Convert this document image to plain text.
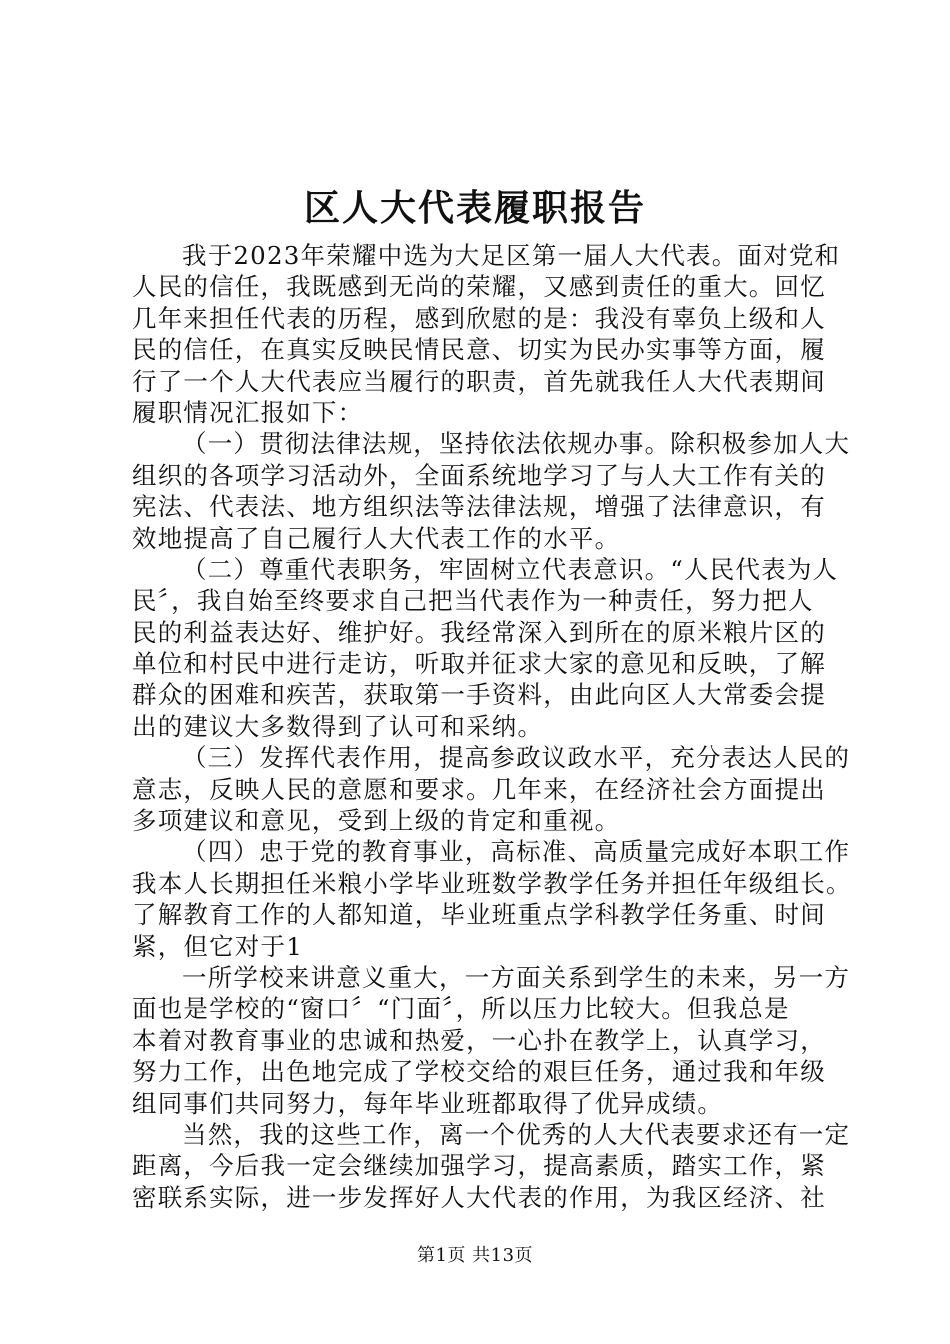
区人大代表履职报告
我于2023年荣耀中选为大足区第一届人大代表。面对党和
人民的信任，我既感到无尚的荣耀，又感到责任的重大。回忆
几年来担任代表的历程，感到欣慰的是：我没有辜负上级和人
民的信任，在真实反映民情民意、切实为民办实事等方面，履
行了一个人大代表应当履行的职责，首先就我任人大代表期间
履职情况汇报如下：
（一）贯彻法律法规，坚持依法依规办事。除积极参加人大
组织的各项学习活动外，全面系统地学习了与人大工作有关的
宪法、代表法、地方组织法等法律法规，增强了法律意识，有
效地提高了自己履行人大代表工作的水平。
（二）尊重代表职务，牢固树立代表意识。“人民代表为人
民〞，我自始至终要求自己把当代表作为一种责任，努力把人
民的利益表达好、维护好。我经常深入到所在的原米粮片区的
单位和村民中进行走访，听取并征求大家的意见和反映，了解
群众的困难和疾苦，获取第一手资料，由此向区人大常委会提
出的建议大多数得到了认可和采纳。
（三）发挥代表作用，提高参政议政水平，充分表达人民的
意志，反映人民的意愿和要求。几年来，在经济社会方面提出
多项建议和意见，受到上级的肯定和重视。
（四）忠于党的教育事业，高标准、高质量完成好本职工作
我本人长期担任米粮小学毕业班数学教学任务并担任年级组长。
了解教育工作的人都知道，毕业班重点学科教学任务重、时间
紧，但它对于1
一所学校来讲意义重大，一方面关系到学生的未来，另一方
面也是学校的“窗口〞“门面〞，所以压力比较大。但我总是
本着对教育事业的忠诚和热爱，一心扑在教学上，认真学习，
努力工作，出色地完成了学校交给的艰巨任务，通过我和年级
组同事们共同努力，每年毕业班都取得了优异成绩。
当然，我的这些工作，离一个优秀的人大代表要求还有一定
距离，今后我一定会继续加强学习，提高素质，踏实工作，紧
密联系实际，进一步发挥好人大代表的作用，为我区经济、社
第1页 共13页
